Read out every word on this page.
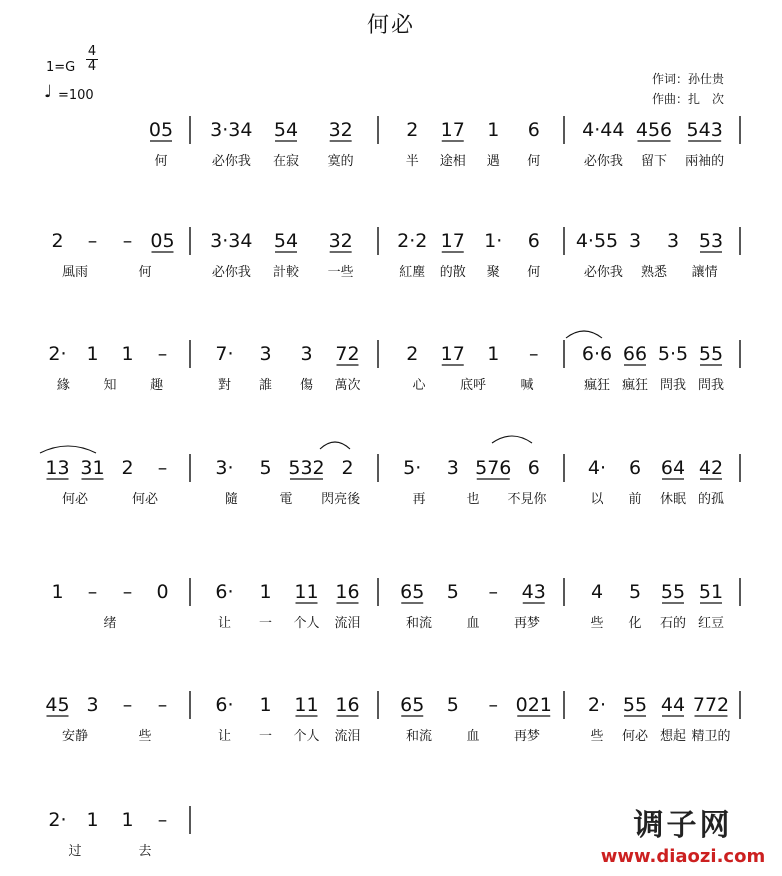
何必
1=G
4
4
♩ =100
作词：孙仕贵
作曲：扎　次
05
何
3·34 54 32
必你我 在寂 寞的
2 17 1 6
半 途相 遇 何
4·44 456 543
必你我 留下 兩袖的
2 – – 05
風雨	何
3·34 54 32
必你我 計較 一些
2·2 17 1· 6
紅塵 的散 聚 何
4·55 3 3 53
必你我 熟悉 讓情
2· 1 1 –
緣	知	趣
7· 3 3 72
對 誰 傷 萬次
2 17 1 –
心	底呼	喊
6·6 66 5·5 55
瘋狂 瘋狂 問我 問我
13 31 2 –
何必	何必
3· 5 532 2
隨	電 閃亮後
5· 3 576 6
再	也 不見你
4· 6 64 42
以 前 休眠 的孤
1 – – 0
绪
6· 1 11 16
让 一 个人 流泪
65 5 – 43
和流	血	再梦
4 5 55 51
些 化 石的 红豆
45 3 – –
安静	些
6· 1 11 16
让 一 个人 流泪
65 5 – 021
和流	血	再梦
2· 55 44 772
些 何必 想起 精卫的
2· 1 1 –
过	去
调子网
www.diaozi.com
